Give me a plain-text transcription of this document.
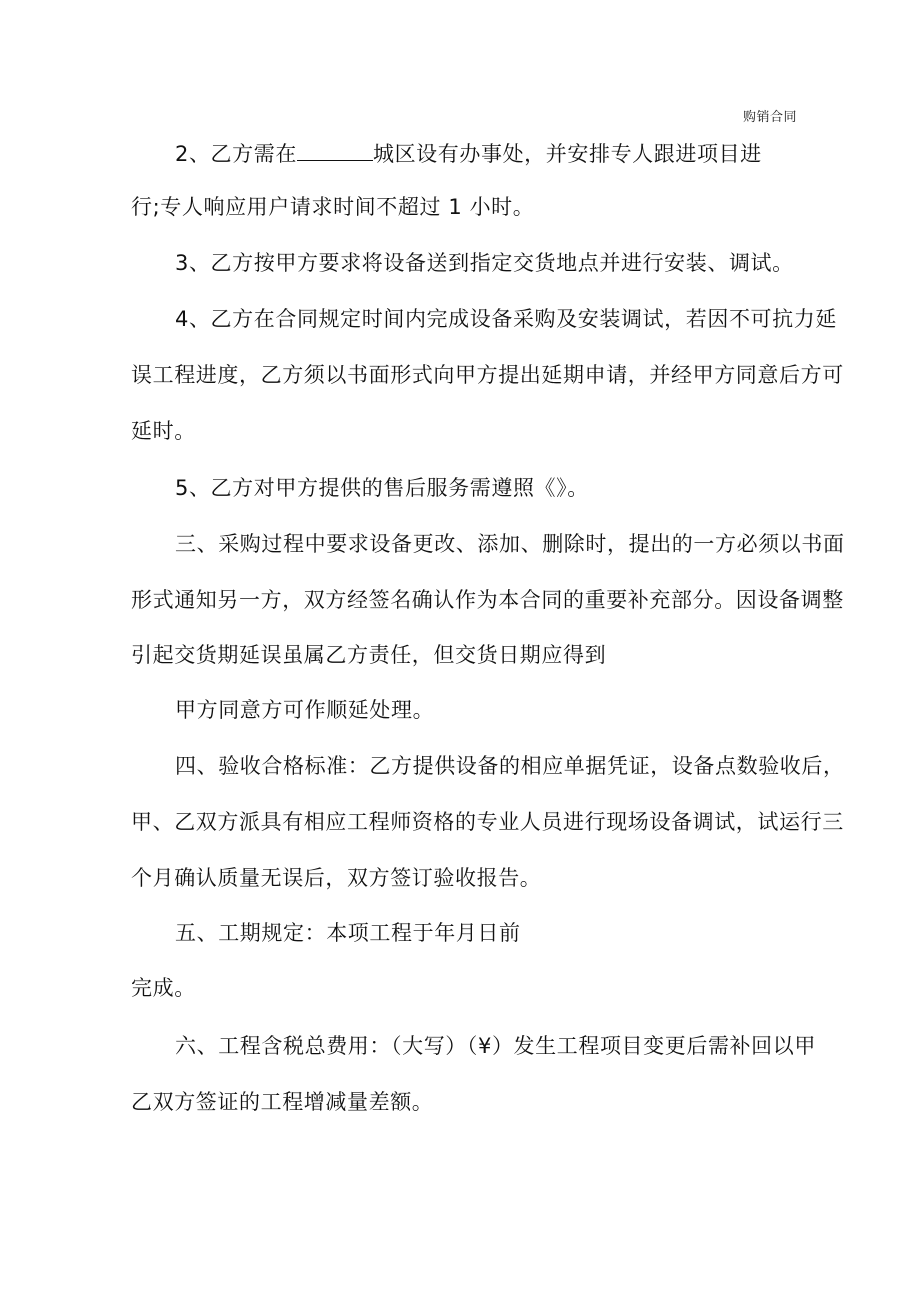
购销合同
2、乙方需在	城区设有办事处，并安排专人跟进项目进
行;专人响应用户请求时间不超过 1 小时。
3、乙方按甲方要求将设备送到指定交货地点并进行安装、调试。
4、乙方在合同规定时间内完成设备采购及安装调试，若因不可抗力延
误工程进度，乙方须以书面形式向甲方提出延期申请，并经甲方同意后方可
延时。
5、乙方对甲方提供的售后服务需遵照《》。
三、采购过程中要求设备更改、添加、删除时，提出的一方必须以书面
形式通知另一方，双方经签名确认作为本合同的重要补充部分。因设备调整
引起交货期延误虽属乙方责任，但交货日期应得到
甲方同意方可作顺延处理。
四、验收合格标准：乙方提供设备的相应单据凭证，设备点数验收后，
甲、乙双方派具有相应工程师资格的专业人员进行现场设备调试，试运行三
个月确认质量无误后，双方签订验收报告。
五、工期规定：本项工程于年月日前
完成。
六、工程含税总费用：（大写）（¥）发生工程项目变更后需补回以甲
乙双方签证的工程增减量差额。
